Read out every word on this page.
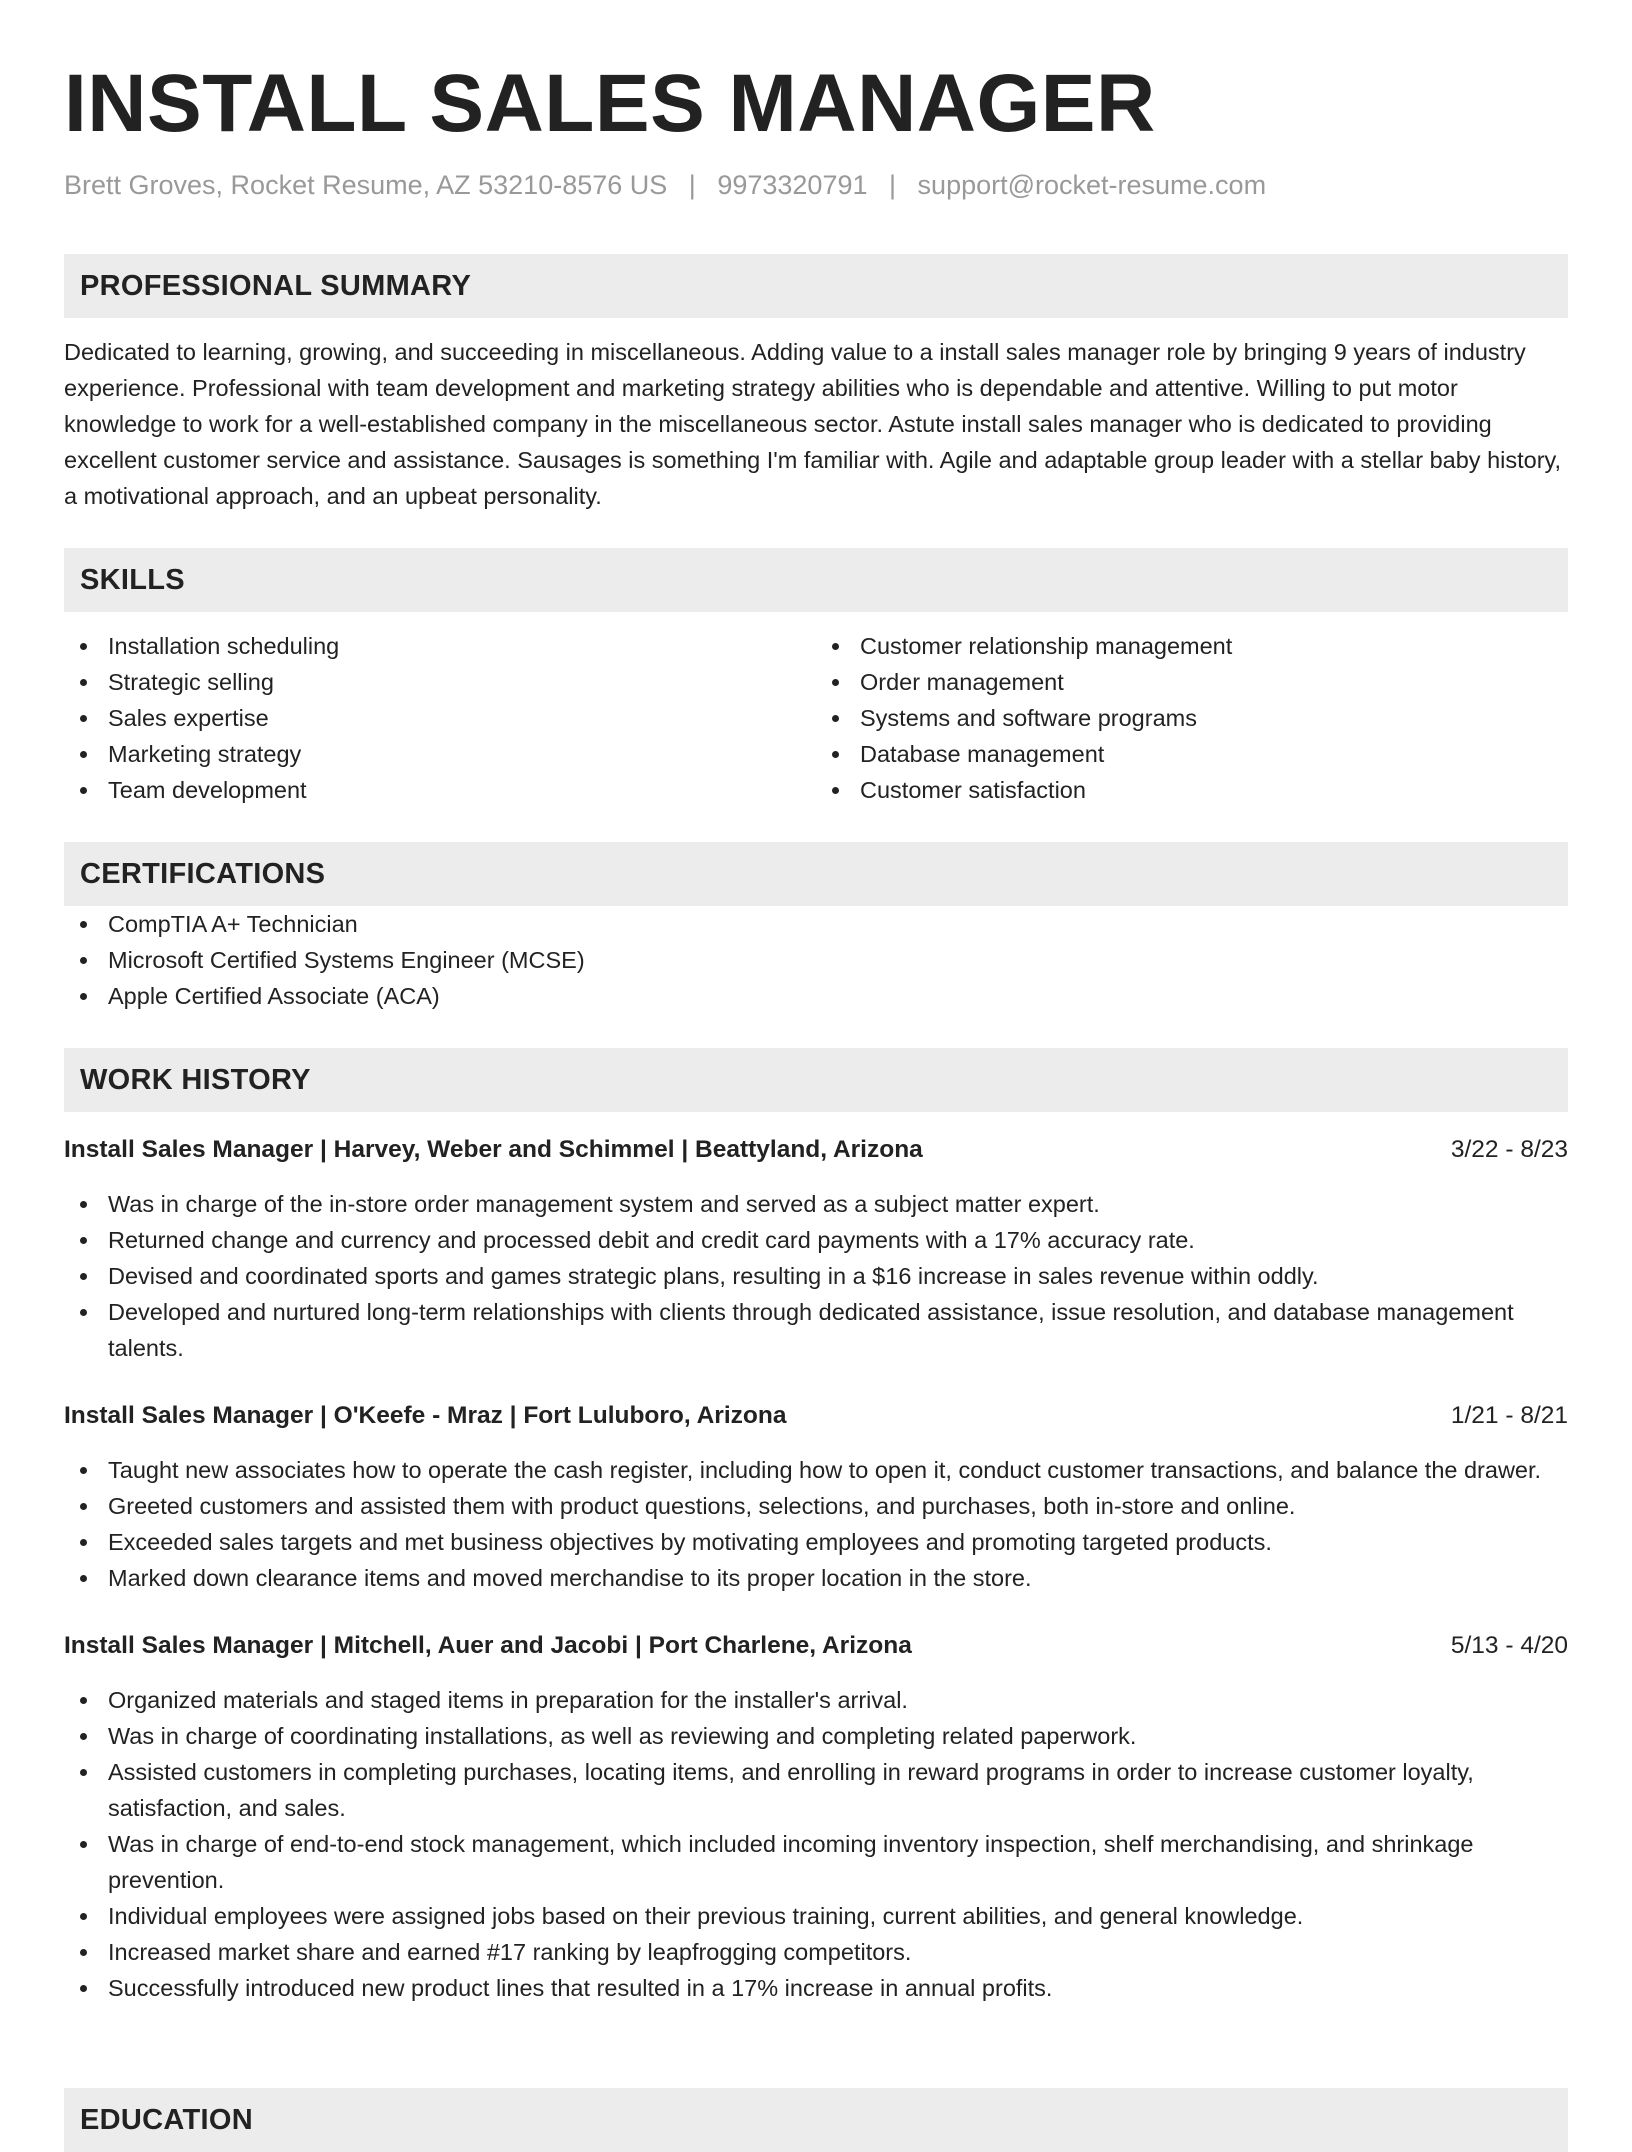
INSTALL SALES MANAGER
Brett Groves, Rocket Resume, AZ 53210-8576 US | 9973320791 | support@rocket-resume.com
PROFESSIONAL SUMMARY

Dedicated to learning, growing, and succeeding in miscellaneous. Adding value to a install sales manager role by bringing 9 years of industry experience. Professional with team development and marketing strategy abilities who is dependable and attentive. Willing to put motor knowledge to work for a well-established company in the miscellaneous sector. Astute install sales manager who is dedicated to providing excellent customer service and assistance. Sausages is something I'm familiar with. Agile and adaptable group leader with a stellar baby history, a motivational approach, and an upbeat personality.

SKILLS
Installation scheduling
Strategic selling
Sales expertise
Marketing strategy
Team development
Customer relationship management
Order management
Systems and software programs
Database management
Customer satisfaction
CERTIFICATIONS
CompTIA A+ Technician
Microsoft Certified Systems Engineer (MCSE)
Apple Certified Associate (ACA)
WORK HISTORY
Install Sales Manager | Harvey, Weber and Schimmel | Beattyland, Arizona	3/22 - 8/23
Was in charge of the in-store order management system and served as a subject matter expert.
Returned change and currency and processed debit and credit card payments with a 17% accuracy rate.
Devised and coordinated sports and games strategic plans, resulting in a $16 increase in sales revenue within oddly.
Developed and nurtured long-term relationships with clients through dedicated assistance, issue resolution, and database management talents.
Install Sales Manager | O'Keefe - Mraz | Fort Luluboro, Arizona	1/21 - 8/21
Taught new associates how to operate the cash register, including how to open it, conduct customer transactions, and balance the drawer.
Greeted customers and assisted them with product questions, selections, and purchases, both in-store and online.
Exceeded sales targets and met business objectives by motivating employees and promoting targeted products.
Marked down clearance items and moved merchandise to its proper location in the store.
Install Sales Manager | Mitchell, Auer and Jacobi | Port Charlene, Arizona	5/13 - 4/20
Organized materials and staged items in preparation for the installer's arrival.
Was in charge of coordinating installations, as well as reviewing and completing related paperwork.
Assisted customers in completing purchases, locating items, and enrolling in reward programs in order to increase customer loyalty, satisfaction, and sales.
Was in charge of end-to-end stock management, which included incoming inventory inspection, shelf merchandising, and shrinkage prevention.
Individual employees were assigned jobs based on their previous training, current abilities, and general knowledge.
Increased market share and earned #17 ranking by leapfrogging competitors.
Successfully introduced new product lines that resulted in a 17% increase in annual profits.
EDUCATION
